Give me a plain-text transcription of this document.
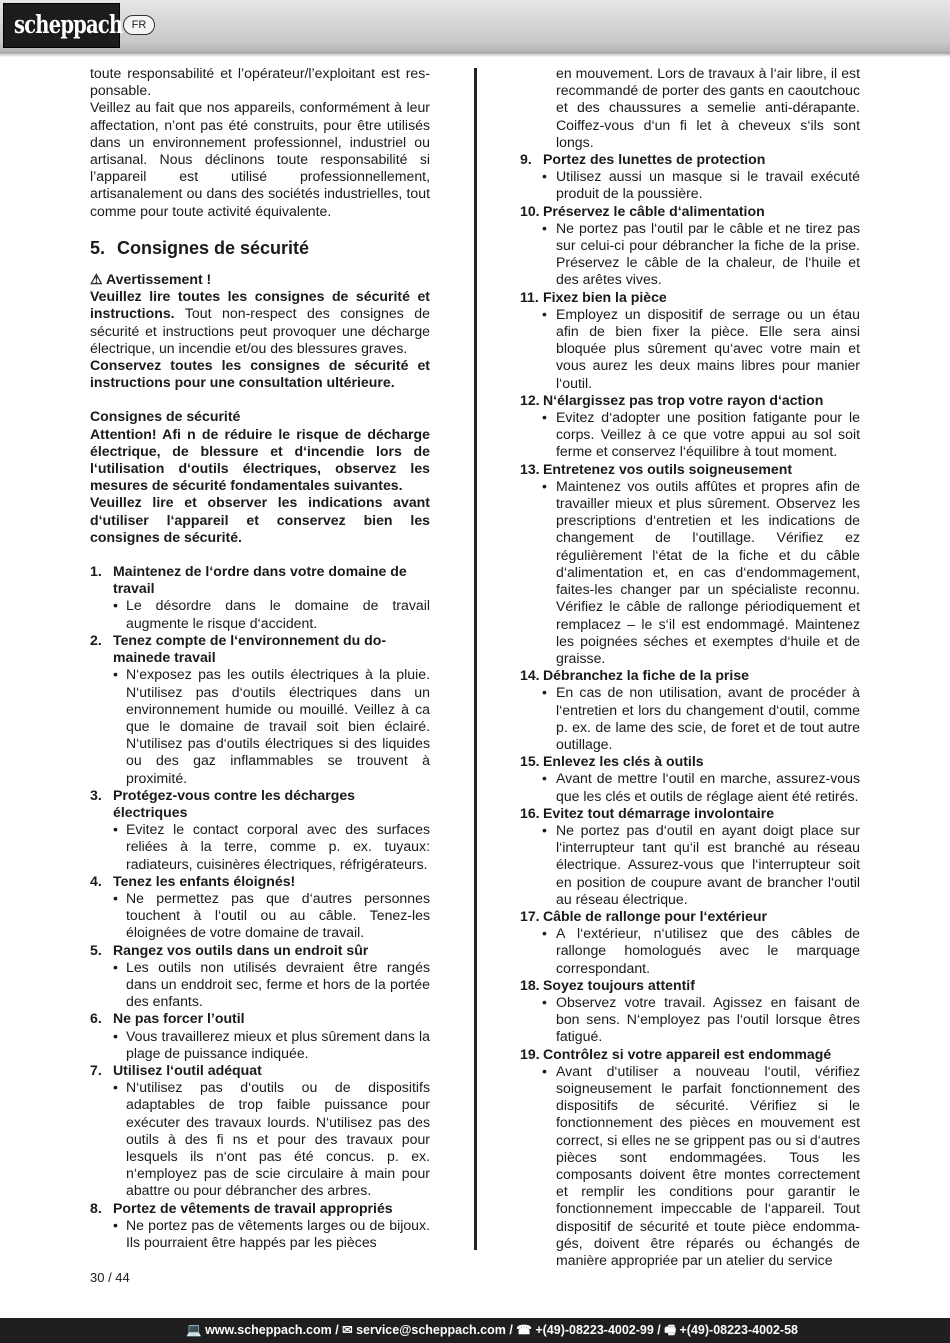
scheppach FR

toute responsabilité et l’opérateur/l’exploitant est res-ponsable.

Veillez au fait que nos appareils, conformément à leur affectation, n’ont pas été construits, pour être utilisés dans un environnement professionnel, industriel ou artisanal. Nous déclinons toute responsabilité si l’appareil est utilisé professionnellement, artisanalement ou dans des sociétés industrielles, tout comme pour toute activité équivalente.

5. Consignes de sécurité

⚠ Avertissement !

Veuillez lire toutes les consignes de sécurité et instructions. Tout non-respect des consignes de sécurité et instructions peut provoquer une décharge électrique, un incendie et/ou des blessures graves.

Conservez toutes les consignes de sécurité et instructions pour une consultation ultérieure.

Consignes de sécurité

Attention! Afi n de réduire le risque de décharge électrique, de blessure et d‘incendie lors de l‘utilisation d‘outils électriques, observez les mesures de sécurité fondamentales suivantes.

Veuillez lire et observer les indications avant d‘utiliser l‘appareil et conservez bien les consignes de sécurité.

1. Maintenez de l‘ordre dans votre domaine de travail
• Le désordre dans le domaine de travail augmente le risque d‘accident.
2. Tenez compte de l‘environnement du do-mainede travail
• N‘exposez pas les outils électriques à la pluie. N‘utilisez pas d‘outils électriques dans un environnement humide ou mouillé. Veillez à ca que le domaine de travail soit bien éclairé. N‘utilisez pas d‘outils électriques si des liquides ou des gaz inflammables se trouvent à proximité.
3. Protégez-vous contre les décharges électriques
• Evitez le contact corporal avec des surfaces reliées à la terre, comme p. ex. tuyaux: radiateurs, cuisinères électriques, réfrigérateurs.
4. Tenez les enfants éloignés!
• Ne permettez pas que d‘autres personnes touchent à l‘outil ou au câble. Tenez-les éloignées de votre domaine de travail.
5. Rangez vos outils dans un endroit sûr
• Les outils non utilisés devraient être rangés dans un enddroit sec, ferme et hors de la portée des enfants.
6. Ne pas forcer l’outil
• Vous travaillerez mieux et plus sûrement dans la plage de puissance indiquée.
7. Utilisez l‘outil adéquat
• N‘utilisez pas d‘outils ou de dispositifs adaptables de trop faible puissance pour exécuter des travaux lourds. N‘utilisez pas des outils à des fi ns et pour des travaux pour lesquels ils n‘ont pas été concus. p. ex. n‘employez pas de scie circulaire à main pour abattre ou pour débrancher des arbres.
8. Portez de vêtements de travail appropriés
• Ne portez pas de vêtements larges ou de bijoux. Ils pourraient être happés par les pièces

en mouvement. Lors de travaux à l‘air libre, il est recommandé de porter des gants en caoutchouc et des chaussures a semelie anti-dérapante. Coiffez-vous d‘un fi let à cheveux s‘ils sont longs.

9. Portez des lunettes de protection
• Utilisez aussi un masque si le travail exécuté produit de la poussière.
10. Préservez le câble d‘alimentation
• Ne portez pas l‘outil par le câble et ne tirez pas sur celui-ci pour débrancher la fiche de la prise. Préservez le câble de la chaleur, de l‘huile et des arêtes vives.
11. Fixez bien la pièce
• Employez un dispositif de serrage ou un étau afin de bien fixer la pièce. Elle sera ainsi bloquée plus sûrement qu‘avec votre main et vous aurez les deux mains libres pour manier l‘outil.
12. N‘élargissez pas trop votre rayon d‘action
• Evitez d‘adopter une position fatigante pour le corps. Veillez à ce que votre appui au sol soit ferme et conservez l‘équilibre à tout moment.
13. Entretenez vos outils soigneusement
• Maintenez vos outils affûtes et propres afin de travailler mieux et plus sûrement. Observez les prescriptions d‘entretien et les indications de changement de l‘outillage. Vérifiez ez régulièrement l‘état de la fiche et du câble d‘alimentation et, en cas d‘endommagement, faites-les changer par un spécialiste reconnu. Vérifiez le câble de rallonge périodiquement et remplacez – le s‘il est endommagé. Maintenez les poignées séches et exemptes d‘huile et de graisse.
14. Débranchez la fiche de la prise
• En cas de non utilisation, avant de procéder à l‘entretien et lors du changement d‘outil, comme p. ex. de lame des scie, de foret et de tout autre outillage.
15. Enlevez les clés à outils
• Avant de mettre l‘outil en marche, assurez-vous que les clés et outils de réglage aient été retirés.
16. Evitez tout démarrage involontaire
• Ne portez pas d‘outil en ayant doigt place sur l‘interrupteur tant qu‘il est branché au réseau électrique. Assurez-vous que l‘interrupteur soit en position de coupure avant de brancher l‘outil au réseau électrique.
17. Câble de rallonge pour l‘extérieur
• A l‘extérieur, n‘utilisez que des câbles de rallonge homologués avec le marquage correspondant.
18. Soyez toujours attentif
• Observez votre travail. Agissez en faisant de bon sens. N‘employez pas l‘outil lorsque êtres fatigué.
19. Contrôlez si votre appareil est endommagé
• Avant d‘utiliser a nouveau l‘outil, vérifiez soigneusement le parfait fonctionnement des dispositifs de sécurité. Vérifiez si le fonctionnement des pièces en mouvement est correct, si elles ne se grippent pas ou si d‘autres pièces sont endommagées. Tous les composants doivent être montes correctement et remplir les conditions pour garantir le fonctionnement impeccable de l‘appareil. Tout dispositif de sécurité et toute pièce endomma-gés, doivent être réparés ou échangés de manière appropriée par un atelier du service
30 / 44
💻 www.scheppach.com / ✉ service@scheppach.com / ☎ +(49)-08223-4002-99 / 🖷 +(49)-08223-4002-58
